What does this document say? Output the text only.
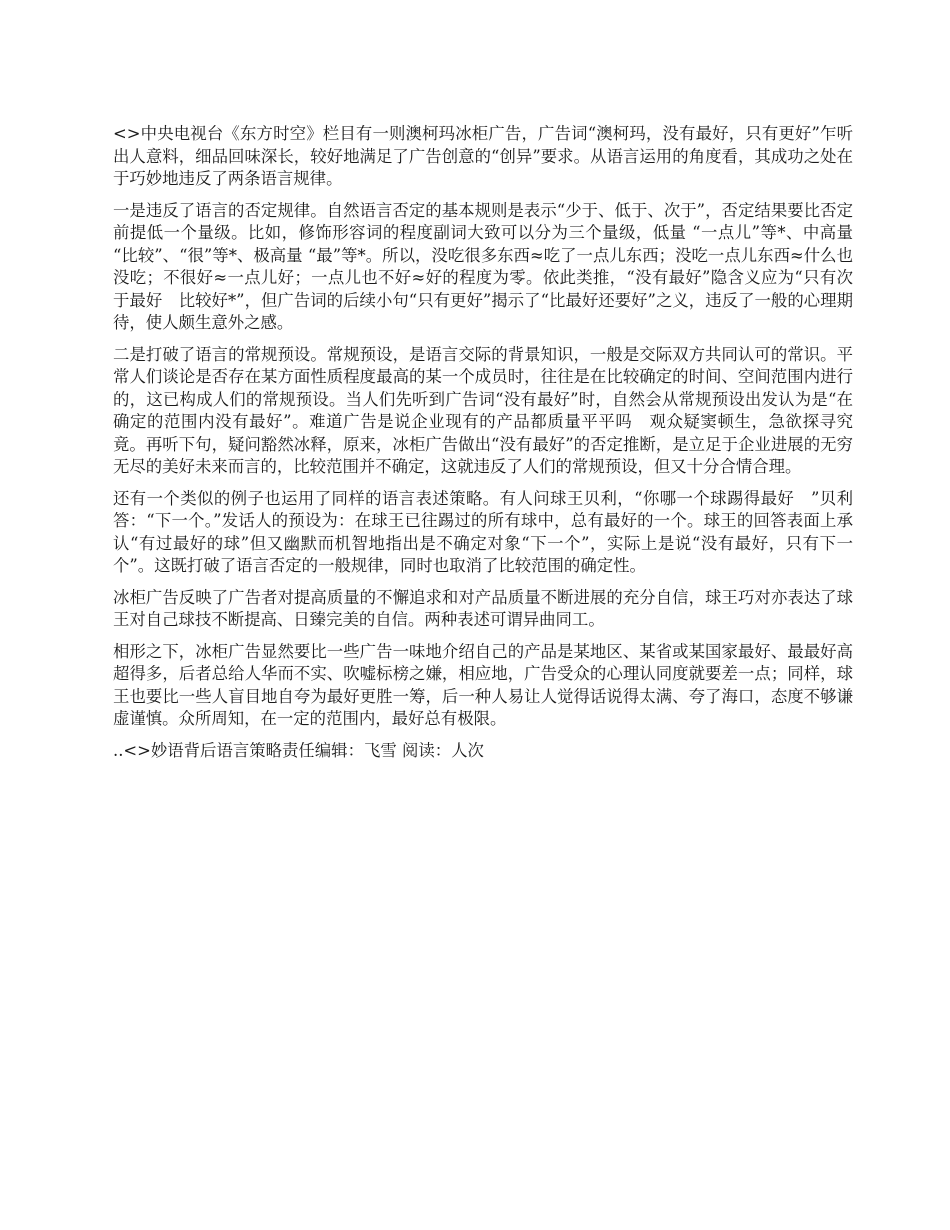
<>中央电视台《东方时空》栏目有一则澳柯玛冰柜广告，广告词“澳柯玛，没有最好，只有更好”乍听出人意料，细品回味深长，较好地满足了广告创意的“创异”要求。从语言运用的角度看，其成功之处在于巧妙地违反了两条语言规律。

一是违反了语言的否定规律。自然语言否定的基本规则是表示“少于、低于、次于”，否定结果要比否定前提低一个量级。比如，修饰形容词的程度副词大致可以分为三个量级，低量 “一点儿”等*、中高量 “比较”、“很”等*、极高量 “最”等*。所以，没吃很多东西≈吃了一点儿东西；没吃一点儿东西≈什么也没吃；不很好≈一点儿好；一点儿也不好≈好的程度为零。依此类推，“没有最好”隐含义应为“只有次于最好　比较好*”，但广告词的后续小句“只有更好”揭示了“比最好还要好”之义，违反了一般的心理期待，使人颇生意外之感。

二是打破了语言的常规预设。常规预设，是语言交际的背景知识，一般是交际双方共同认可的常识。平常人们谈论是否存在某方面性质程度最高的某一个成员时，往往是在比较确定的时间、空间范围内进行的，这已构成人们的常规预设。当人们先听到广告词“没有最好”时，自然会从常规预设出发认为是“在确定的范围内没有最好”。难道广告是说企业现有的产品都质量平平吗　观众疑窦顿生，急欲探寻究竟。再听下句，疑问豁然冰释，原来，冰柜广告做出“没有最好”的否定推断，是立足于企业进展的无穷无尽的美好未来而言的，比较范围并不确定，这就违反了人们的常规预设，但又十分合情合理。

还有一个类似的例子也运用了同样的语言表述策略。有人问球王贝利，“你哪一个球踢得最好　”贝利答：“下一个。”发话人的预设为：在球王已往踢过的所有球中，总有最好的一个。球王的回答表面上承认“有过最好的球”但又幽默而机智地指出是不确定对象“下一个”，实际上是说“没有最好，只有下一个”。这既打破了语言否定的一般规律，同时也取消了比较范围的确定性。

冰柜广告反映了广告者对提高质量的不懈追求和对产品质量不断进展的充分自信，球王巧对亦表达了球王对自己球技不断提高、日臻完美的自信。两种表述可谓异曲同工。

相形之下，冰柜广告显然要比一些广告一味地介绍自己的产品是某地区、某省或某国家最好、最最好高超得多，后者总给人华而不实、吹嘘标榜之嫌，相应地，广告受众的心理认同度就要差一点；同样，球王也要比一些人盲目地自夸为最好更胜一筹，后一种人易让人觉得话说得太满、夸了海口，态度不够谦虚谨慎。众所周知，在一定的范围内，最好总有极限。

..<>妙语背后语言策略责任编辑：飞雪 阅读：人次
